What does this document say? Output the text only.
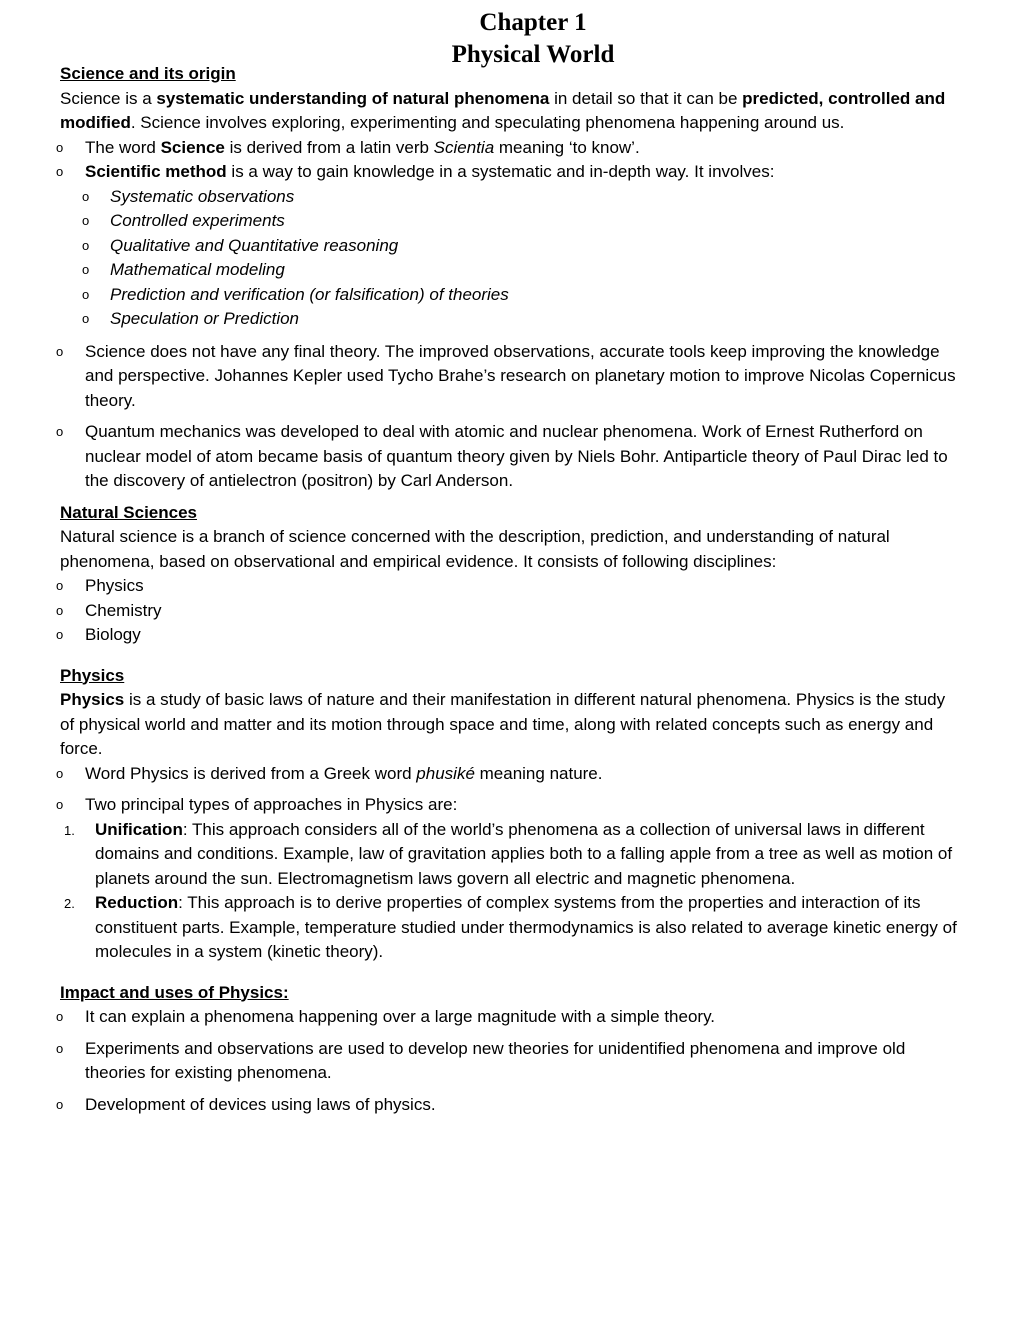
Chapter 1
Physical World

Science and its origin

Science is a systematic understanding of natural phenomena in detail so that it can be predicted, controlled and modified. Science involves exploring, experimenting and speculating phenomena happening around us.

o The word Science is derived from a latin verb Scientia meaning ‘to know’.
o Scientific method is a way to gain knowledge in a systematic and in-depth way. It involves:
o Systematic observations
o Controlled experiments
o Qualitative and Quantitative reasoning
o Mathematical modeling
o Prediction and verification (or falsification) of theories
o Speculation or Prediction
o Science does not have any final theory. The improved observations, accurate tools keep improving the knowledge and perspective. Johannes Kepler used Tycho Brahe’s research on planetary motion to improve Nicolas Copernicus theory.
o Quantum mechanics was developed to deal with atomic and nuclear phenomena. Work of Ernest Rutherford on nuclear model of atom became basis of quantum theory given by Niels Bohr. Antiparticle theory of Paul Dirac led to the discovery of antielectron (positron) by Carl Anderson.

Natural Sciences

Natural science is a branch of science concerned with the description, prediction, and understanding of natural phenomena, based on observational and empirical evidence. It consists of following disciplines:

o Physics
o Chemistry
o Biology

Physics

Physics is a study of basic laws of nature and their manifestation in different natural phenomena. Physics is the study of physical world and matter and its motion through space and time, along with related concepts such as energy and force.

o Word Physics is derived from a Greek word phusiké meaning nature.
o Two principal types of approaches in Physics are:
1. Unification: This approach considers all of the world’s phenomena as a collection of universal laws in different domains and conditions. Example, law of gravitation applies both to a falling apple from a tree as well as motion of planets around the sun. Electromagnetism laws govern all electric and magnetic phenomena.
2. Reduction: This approach is to derive properties of complex systems from the properties and interaction of its constituent parts. Example, temperature studied under thermodynamics is also related to average kinetic energy of molecules in a system (kinetic theory).

Impact and uses of Physics:

o It can explain a phenomena happening over a large magnitude with a simple theory.
o Experiments and observations are used to develop new theories for unidentified phenomena and improve old theories for existing phenomena.
o Development of devices using laws of physics.
